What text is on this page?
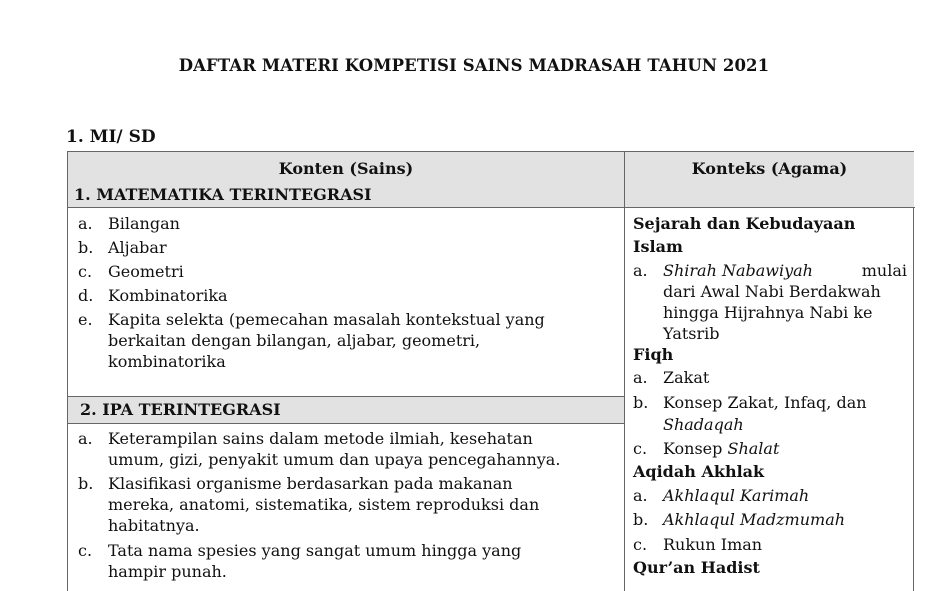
DAFTAR MATERI KOMPETISI SAINS MADRASAH TAHUN 2021
1. MI/ SD
Konten (Sains)	Konteks (Agama)
1. MATEMATIKA TERINTEGRASI
a. Bilangan
b. Aljabar
c. Geometri
d. Kombinatorika
e. Kapita selekta (pemecahan masalah kontekstual yang
berkaitan dengan bilangan, aljabar, geometri,
kombinatorika
2. IPA TERINTEGRASI
a. Keterampilan sains dalam metode ilmiah, kesehatan
umum, gizi, penyakit umum dan upaya pencegahannya.
b. Klasifikasi organisme berdasarkan pada makanan
mereka, anatomi, sistematika, sistem reproduksi dan
habitatnya.
c. Tata nama spesies yang sangat umum hingga yang
hampir punah.
Sejarah dan Kebudayaan
Islam
a. Shirah Nabawiyah	mulai
dari Awal Nabi Berdakwah
hingga Hijrahnya Nabi ke
Yatsrib
Fiqh
a. Zakat
b. Konsep Zakat, Infaq, dan
Shadaqah
c. Konsep Shalat
Aqidah Akhlak
a. Akhlaqul Karimah
b. Akhlaqul Madzmumah
c. Rukun Iman
Qur’an Hadist
